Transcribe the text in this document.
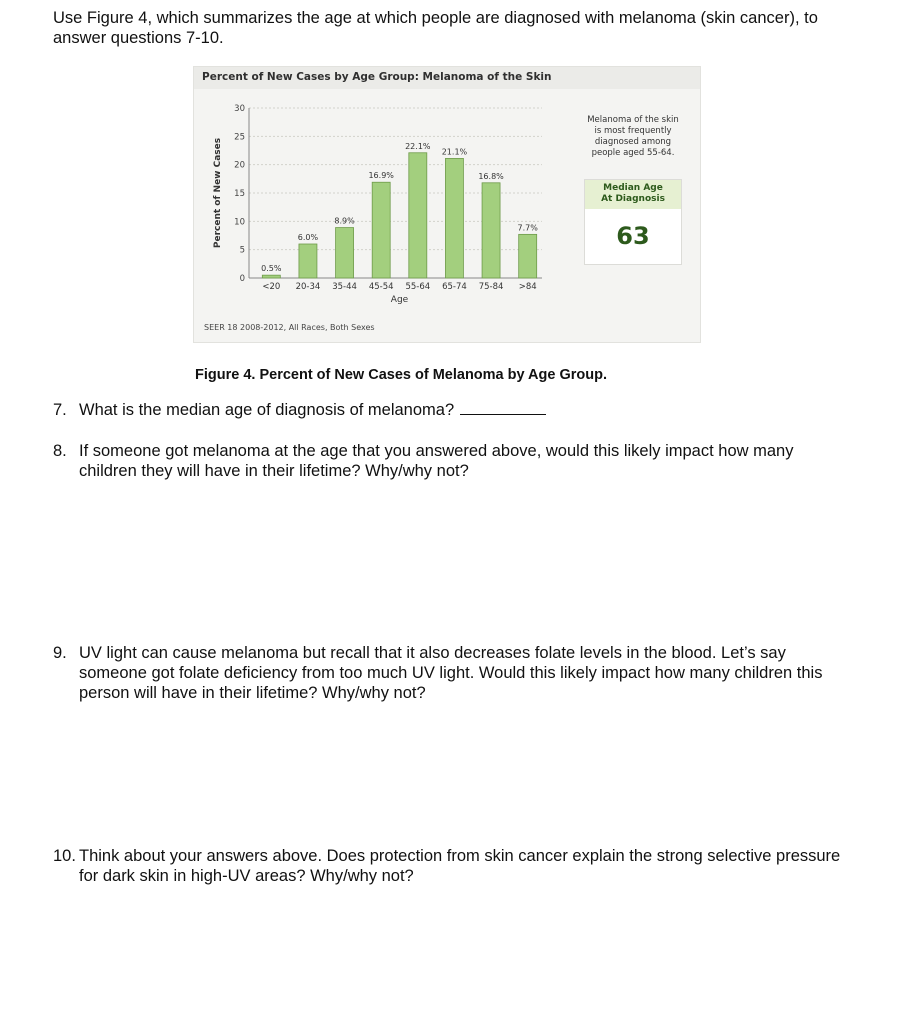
Use Figure 4, which summarizes the age at which people are diagnosed with melanoma (skin cancer), to answer questions 7-10.

Percent of New Cases by Age Group: Melanoma of the Skin
0
5
10
15
20
25
30
0.5%
<20
6.0%
20-34
8.9%
35-44
16.9%
45-54
22.1%
55-64
21.1%
65-74
16.8%
75-84
7.7%
>84
Age
Percent of New Cases
Melanoma of the skin
is most frequently
diagnosed among
people aged 55-64.
Median Age
At Diagnosis
63
SEER 18 2008-2012, All Races, Both Sexes
Figure 4. Percent of New Cases of Melanoma by Age Group.
7. What is the median age of diagnosis of melanoma?
8. If someone got melanoma at the age that you answered above, would this likely impact how many children they will have in their lifetime? Why/why not?
9. UV light can cause melanoma but recall that it also decreases folate levels in the blood. Let’s say someone got folate deficiency from too much UV light. Would this likely impact how many children this person will have in their lifetime? Why/why not?
10. Think about your answers above. Does protection from skin cancer explain the strong selective pressure for dark skin in high-UV areas? Why/why not?
